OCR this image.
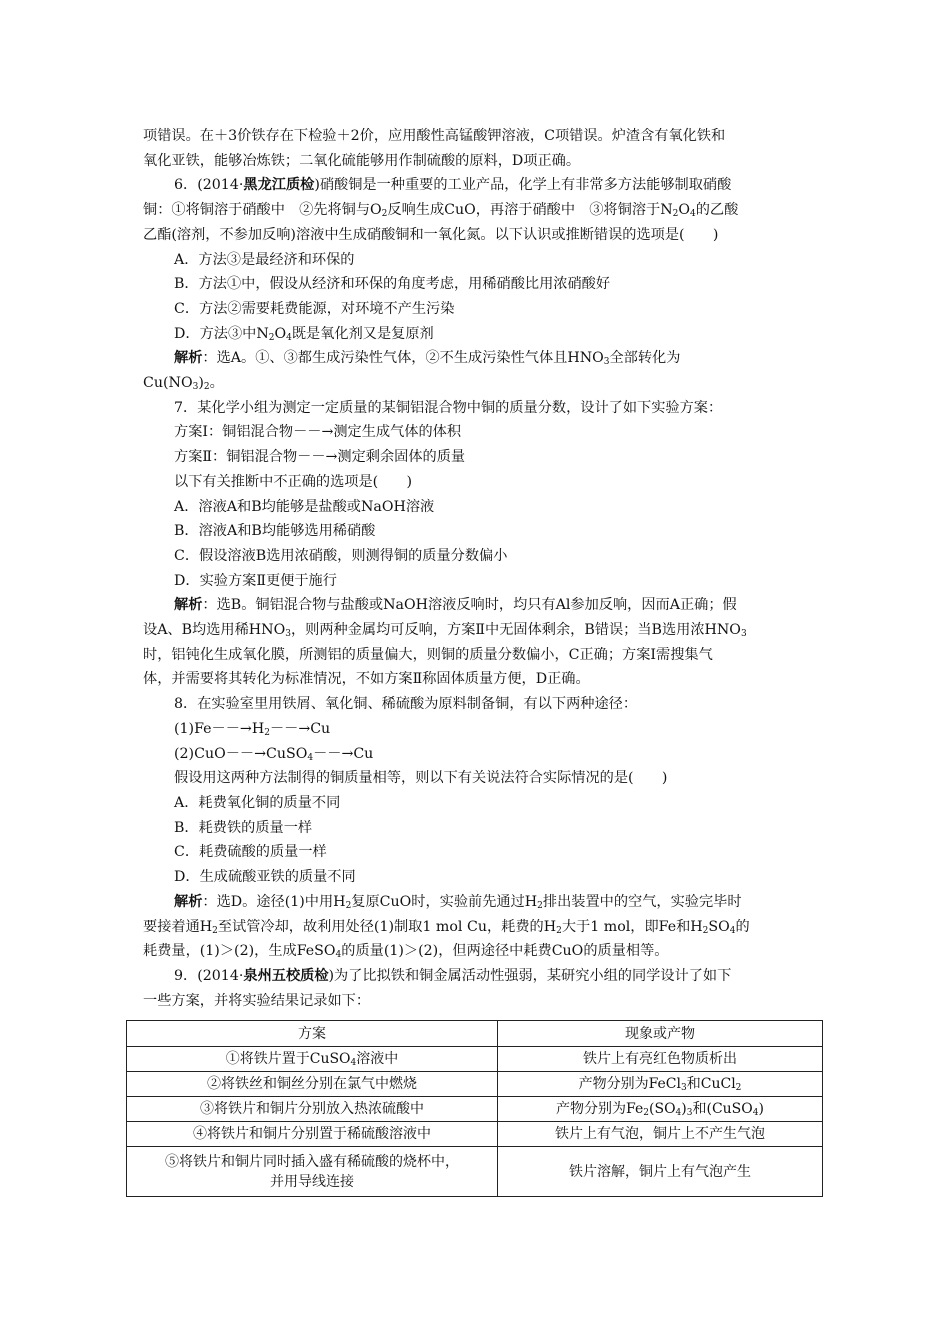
项错误。在＋3价铁存在下检验＋2价，应用酸性高锰酸钾溶液，C项错误。炉渣含有氧化铁和
氧化亚铁，能够冶炼铁；二氧化硫能够用作制硫酸的原料，D项正确。
6．(2014·黑龙江质检)硝酸铜是一种重要的工业产品，化学上有非常多方法能够制取硝酸
铜：①将铜溶于硝酸中　②先将铜与$O_2$反响生成CuO，再溶于硝酸中　③将铜溶于$N_2O_4$的乙酸
乙酯(溶剂，不参加反响)溶液中生成硝酸铜和一氧化氮。以下认识或推断错误的选项是(　　)
A．方法③是最经济和环保的
B．方法①中，假设从经济和环保的角度考虑，用稀硝酸比用浓硝酸好
C．方法②需要耗费能源，对环境不产生污染
D．方法③中$N_2O_4$既是氧化剂又是复原剂
解析：选A。①、③都生成污染性气体，②不生成污染性气体且$HNO_3$全部转化为
$Cu(NO_3)_2$。
7．某化学小组为测定一定质量的某铜铝混合物中铜的质量分数，设计了如下实验方案：
方案Ⅰ：铜铝混合物－－→测定生成气体的体积
方案Ⅱ：铜铝混合物－－→测定剩余固体的质量
以下有关推断中不正确的选项是(　　)
A．溶液A和B均能够是盐酸或NaOH溶液
B．溶液A和B均能够选用稀硝酸
C．假设溶液B选用浓硝酸，则测得铜的质量分数偏小
D．实验方案Ⅱ更便于施行
解析：选B。铜铝混合物与盐酸或NaOH溶液反响时，均只有Al参加反响，因而A正确；假
设A、B均选用稀$HNO_3$，则两种金属均可反响，方案Ⅱ中无固体剩余，B错误；当B选用浓$HNO_3$
时，铝钝化生成氧化膜，所测铝的质量偏大，则铜的质量分数偏小，C正确；方案Ⅰ需搜集气
体，并需要将其转化为标准情况，不如方案Ⅱ称固体质量方便，D正确。
8．在实验室里用铁屑、氧化铜、稀硫酸为原料制备铜，有以下两种途径：
$(1)Fe--\to H_2--\to Cu$
(2)CuO－－→CuSO$_4$－－→Cu
假设用这两种方法制得的铜质量相等，则以下有关说法符合实际情况的是(　　)
A．耗费氧化铜的质量不同
B．耗费铁的质量一样
C．耗费硫酸的质量一样
D．生成硫酸亚铁的质量不同
解析：选D。途径(1)中用$H_2$复原CuO时，实验前先通过$H_2$排出装置中的空气，实验完毕时
要接着通$H_2$至试管冷却，故利用处径(1)制取1 mol Cu，耗费的$H_2$大于1 mol，即Fe和$H_2SO_4$的
耗费量，(1)＞(2)，生成FeSO$_4$的质量(1)＞(2)，但两途径中耗费CuO的质量相等。
9．(2014·泉州五校质检)为了比拟铁和铜金属活动性强弱，某研究小组的同学设计了如下
一些方案，并将实验结果记录如下：
方案	现象或产物
①将铁片置于CuSO$_4$溶液中	铁片上有亮红色物质析出
②将铁丝和铜丝分别在氯气中燃烧	产物分别为FeCl$_3$和CuCl$_2$
③将铁片和铜片分别放入热浓硫酸中	产物分别为$Fe_2(SO_4)_3$和(CuSO$_4$)
④将铁片和铜片分别置于稀硫酸溶液中	铁片上有气泡，铜片上不产生气泡

⑤将铁片和铜片同时插入盛有稀硫酸的烧杯中，
并用导线连接	铁片溶解，铜片上有气泡产生
